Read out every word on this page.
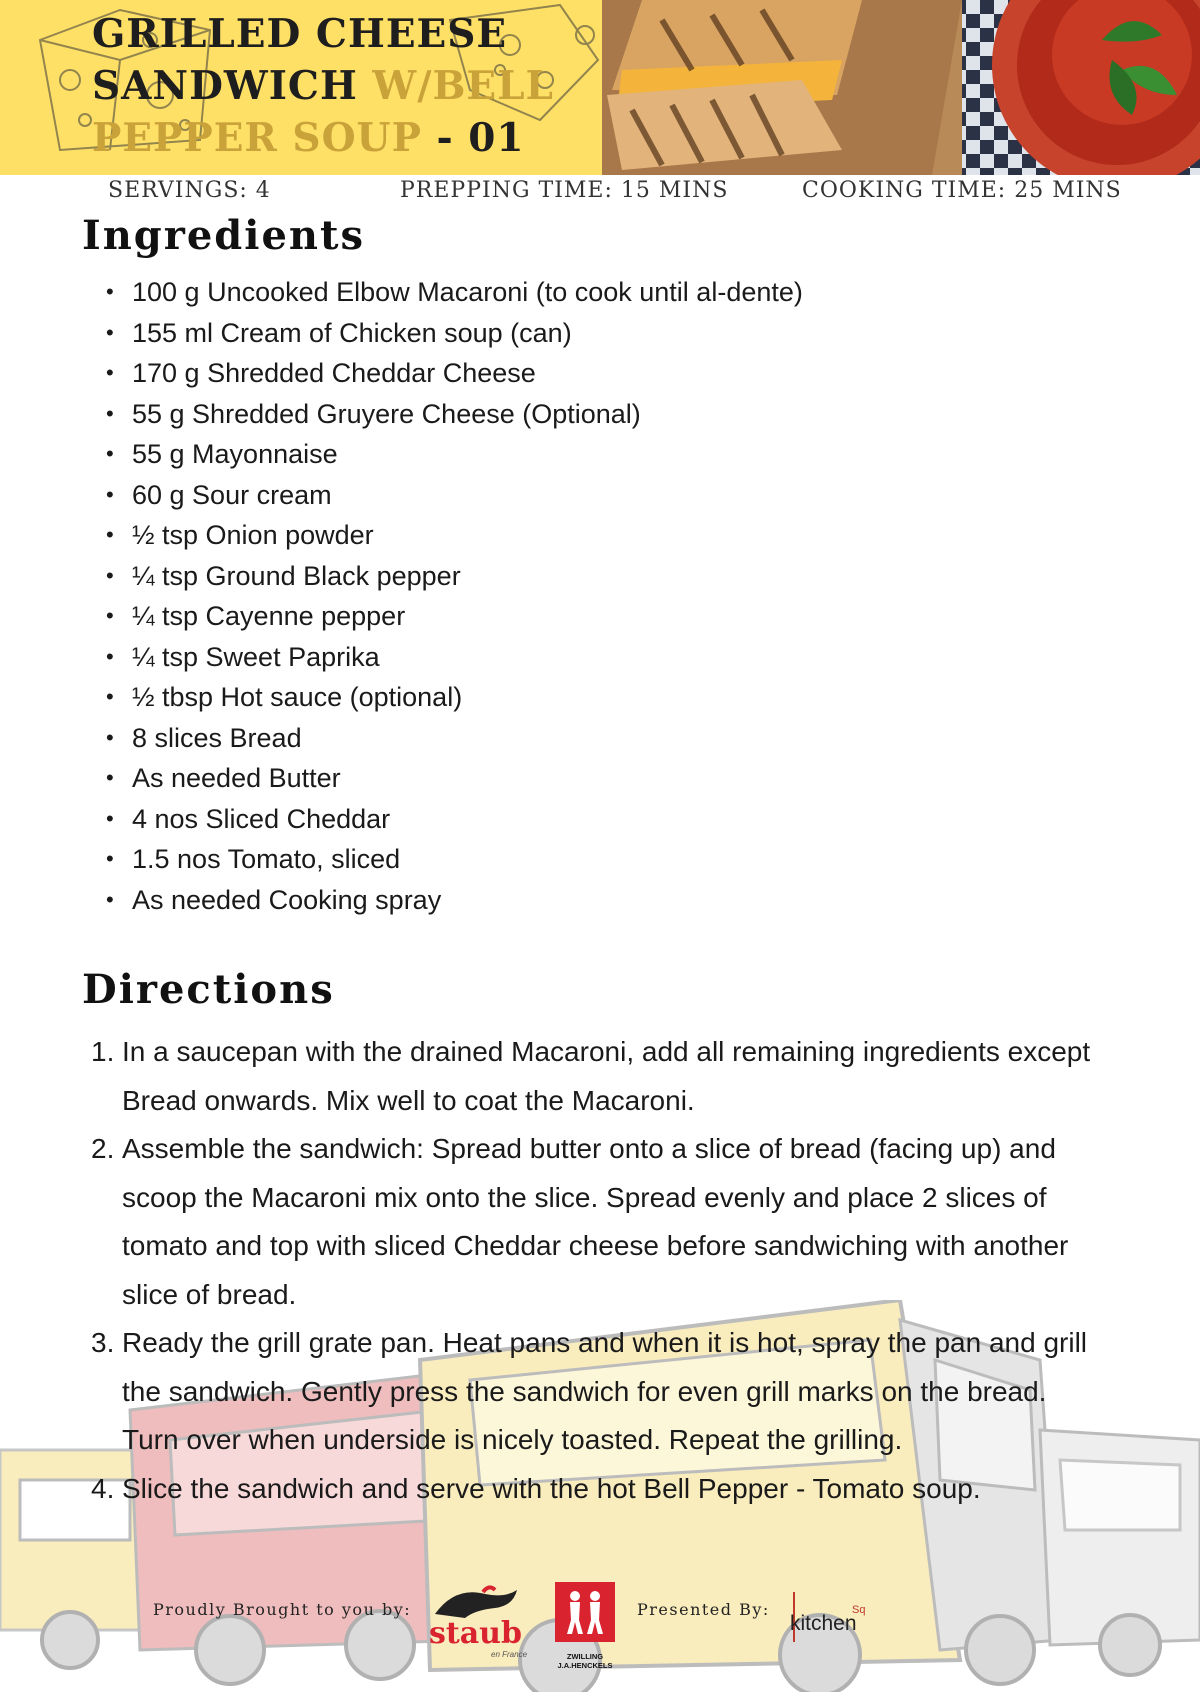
GRILLED CHEESE
SANDWICH W/BELL
PEPPER SOUP - 01
SERVINGS: 4	PREPPING TIME: 15 MINS	COOKING TIME: 25 MINS
Ingredients
• 100 g Uncooked Elbow Macaroni (to cook until al-dente)
• 155 ml Cream of Chicken soup (can)
• 170 g Shredded Cheddar Cheese
• 55 g Shredded Gruyere Cheese (Optional)
• 55 g Mayonnaise
• 60 g Sour cream
• ½ tsp Onion powder
• ¼ tsp Ground Black pepper
• ¼ tsp Cayenne pepper
• ¼ tsp Sweet Paprika
• ½ tbsp Hot sauce (optional)
• 8 slices Bread
• As needed Butter
• 4 nos Sliced Cheddar
• 1.5 nos Tomato, sliced
• As needed Cooking spray
Directions
1. In a saucepan with the drained Macaroni, add all remaining ingredients except Bread onwards. Mix well to coat the Macaroni.
2. Assemble the sandwich: Spread butter onto a slice of bread (facing up) and scoop the Macaroni mix onto the slice. Spread evenly and place 2 slices of tomato and top with sliced Cheddar cheese before sandwiching with another slice of bread.
3. Ready the grill grate pan. Heat pans and when it is hot, spray the pan and grill the sandwich. Gently press the sandwich for even grill marks on the bread. Turn over when underside is nicely toasted. Repeat the grilling.
4. Slice the sandwich and serve with the hot Bell Pepper - Tomato soup.
Proudly Brought to you by:
staub
en France	ZWILLING
J.A.HENCKELS
Presented By:
kitchen
Sq
